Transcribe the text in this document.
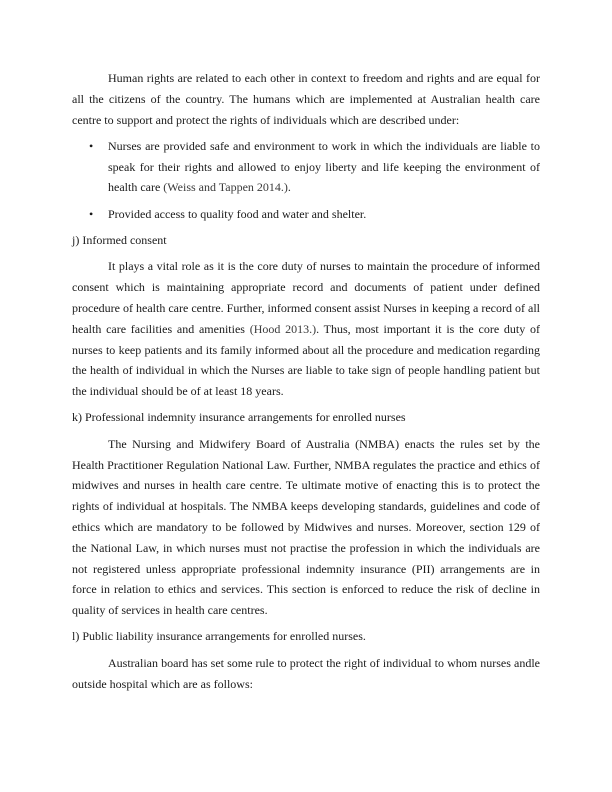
Human rights are related to each other in context to freedom and rights and are equal for all the citizens of the country. The humans which are implemented at Australian health care centre to support and protect the rights of individuals which are described under:

• Nurses are provided safe and environment to work in which the individuals are liable to speak for their rights and allowed to enjoy liberty and life keeping the environment of health care (Weiss and Tappen 2014.).
• Provided access to quality food and water and shelter.

j) Informed consent

It plays a vital role as it is the core duty of nurses to maintain the procedure of informed consent which is maintaining appropriate record and documents of patient under defined procedure of health care centre. Further, informed consent assist Nurses in keeping a record of all health care facilities and amenities (Hood 2013.). Thus, most important it is the core duty of nurses to keep patients and its family informed about all the procedure and medication regarding the health of individual in which the Nurses are liable to take sign of people handling patient but the individual should be of at least 18 years.

k) Professional indemnity insurance arrangements for enrolled nurses

The Nursing and Midwifery Board of Australia (NMBA) enacts the rules set by the Health Practitioner Regulation National Law. Further, NMBA regulates the practice and ethics of midwives and nurses in health care centre. Te ultimate motive of enacting this is to protect the rights of individual at hospitals. The NMBA keeps developing standards, guidelines and code of ethics which are mandatory to be followed by Midwives and nurses. Moreover, section 129 of the National Law, in which nurses must not practise the profession in which the individuals are not registered unless appropriate professional indemnity insurance (PII) arrangements are in force in relation to ethics and services. This section is enforced to reduce the risk of decline in quality of services in health care centres.

l) Public liability insurance arrangements for enrolled nurses.

Australian board has set some rule to protect the right of individual to whom nurses andle outside hospital which are as follows:
